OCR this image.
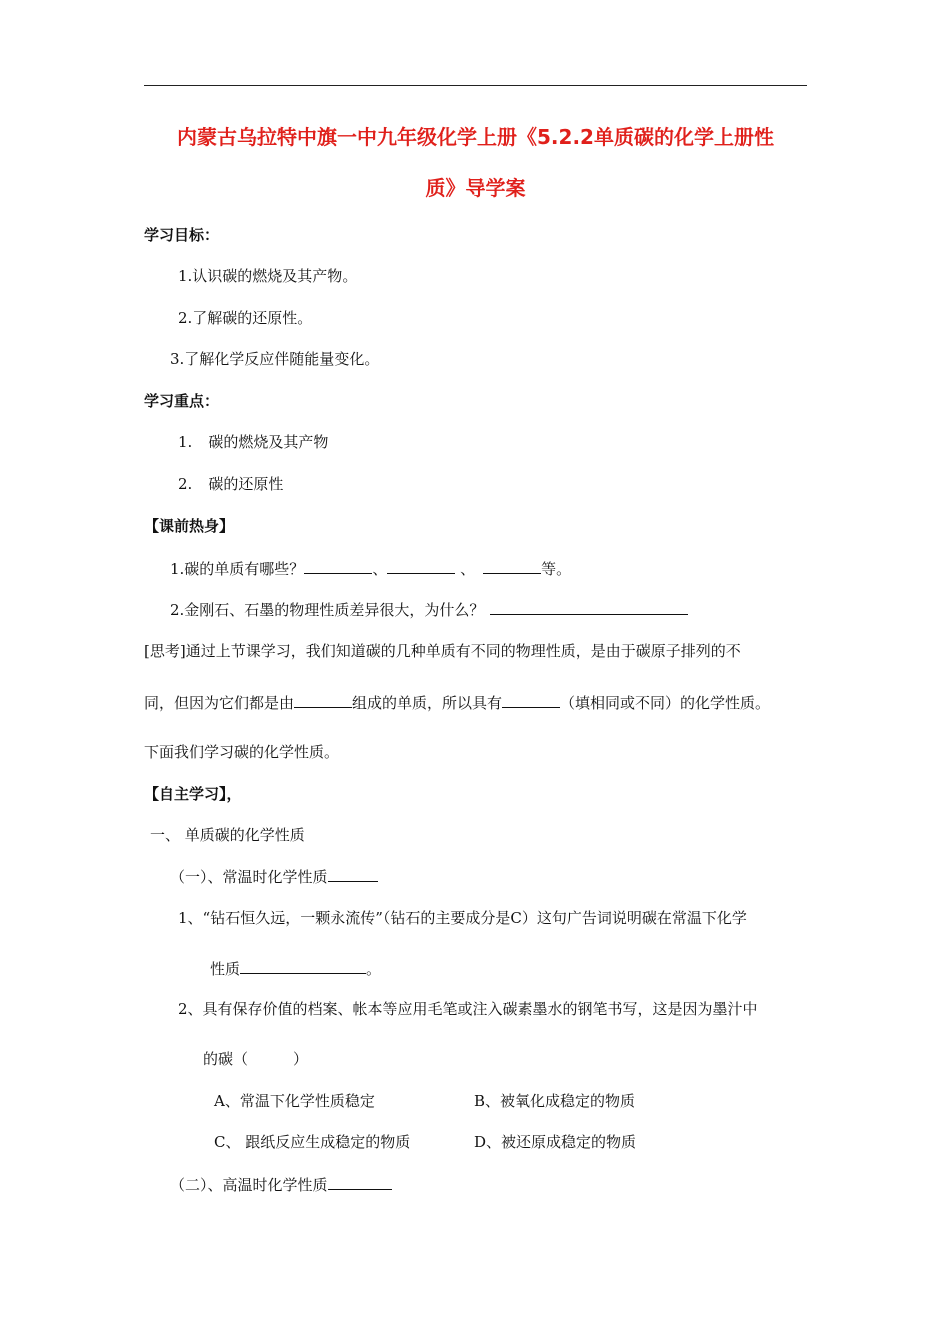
内蒙古乌拉特中旗一中九年级化学上册《5.2.2单质碳的化学上册性
质》导学案
学习目标：
1.认识碳的燃烧及其产物。
2.了解碳的还原性。
3.了解化学反应伴随能量变化。
学习重点：
1. 碳的燃烧及其产物
2. 碳的还原性
【课前热身】
1.碳的单质有哪些？	、	、	等。
2.金刚石、石墨的物理性质差异很大，为什么？
[思考]通过上节课学习，我们知道碳的几种单质有不同的物理性质，是由于碳原子排列的不
同，但因为它们都是由	组成的单质，所以具有	（填相同或不同）的化学性质。
下面我们学习碳的化学性质。
【自主学习】，
一、 单质碳的化学性质
（一）、常温时化学性质
1、“钻石恒久远，一颗永流传”（钻石的主要成分是C）这句广告词说明碳在常温下化学
性质	。
2、具有保存价值的档案、帐本等应用毛笔或注入碳素墨水的钢笔书写，这是因为墨汁中
的碳（　　　）
A、常温下化学性质稳定	B、被氧化成稳定的物质
C、 跟纸反应生成稳定的物质	D、被还原成稳定的物质
（二）、高温时化学性质
